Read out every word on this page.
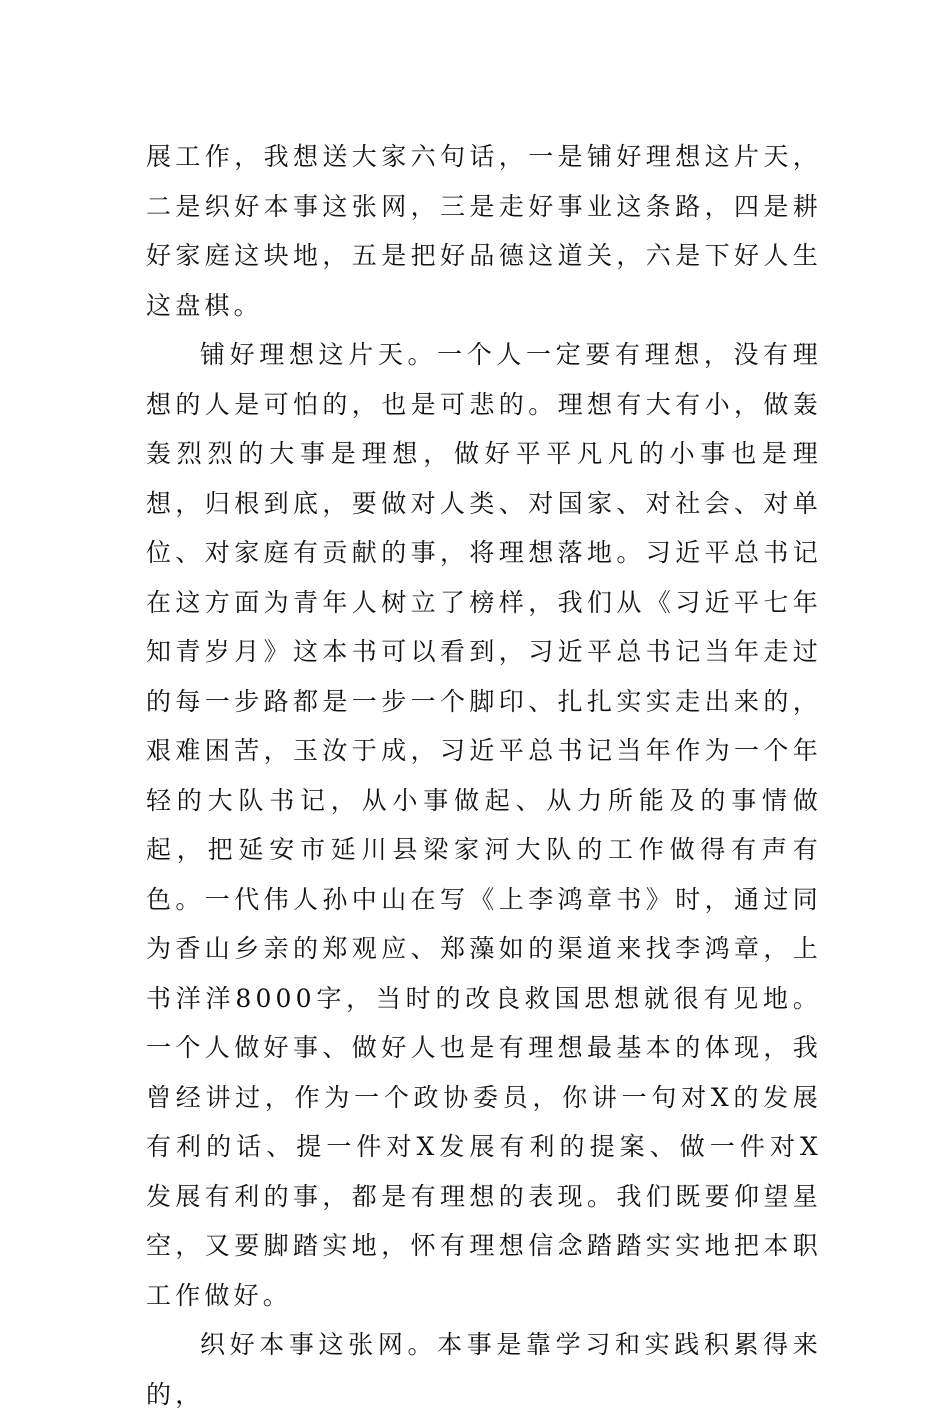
展工作，我想送大家六句话，一是铺好理想这片天，二是织好本事这张网，三是走好事业这条路，四是耕好家庭这块地，五是把好品德这道关，六是下好人生这盘棋。

铺好理想这片天。一个人一定要有理想，没有理想的人是可怕的，也是可悲的。理想有大有小，做轰轰烈烈的大事是理想，做好平平凡凡的小事也是理想，归根到底，要做对人类、对国家、对社会、对单位、对家庭有贡献的事，将理想落地。习近平总书记在这方面为青年人树立了榜样，我们从《习近平七年知青岁月》这本书可以看到，习近平总书记当年走过的每一步路都是一步一个脚印、扎扎实实走出来的，艰难困苦，玉汝于成，习近平总书记当年作为一个年轻的大队书记，从小事做起、从力所能及的事情做起，把延安市延川县梁家河大队的工作做得有声有色。一代伟人孙中山在写《上李鸿章书》时，通过同为香山乡亲的郑观应、郑藻如的渠道来找李鸿章，上书洋洋8000字，当时的改良救国思想就很有见地。一个人做好事、做好人也是有理想最基本的体现，我曾经讲过，作为一个政协委员，你讲一句对X的发展有利的话、提一件对X发展有利的提案、做一件对X发展有利的事，都是有理想的表现。我们既要仰望星空，又要脚踏实地，怀有理想信念踏踏实实地把本职工作做好。

织好本事这张网。本事是靠学习和实践积累得来的，
